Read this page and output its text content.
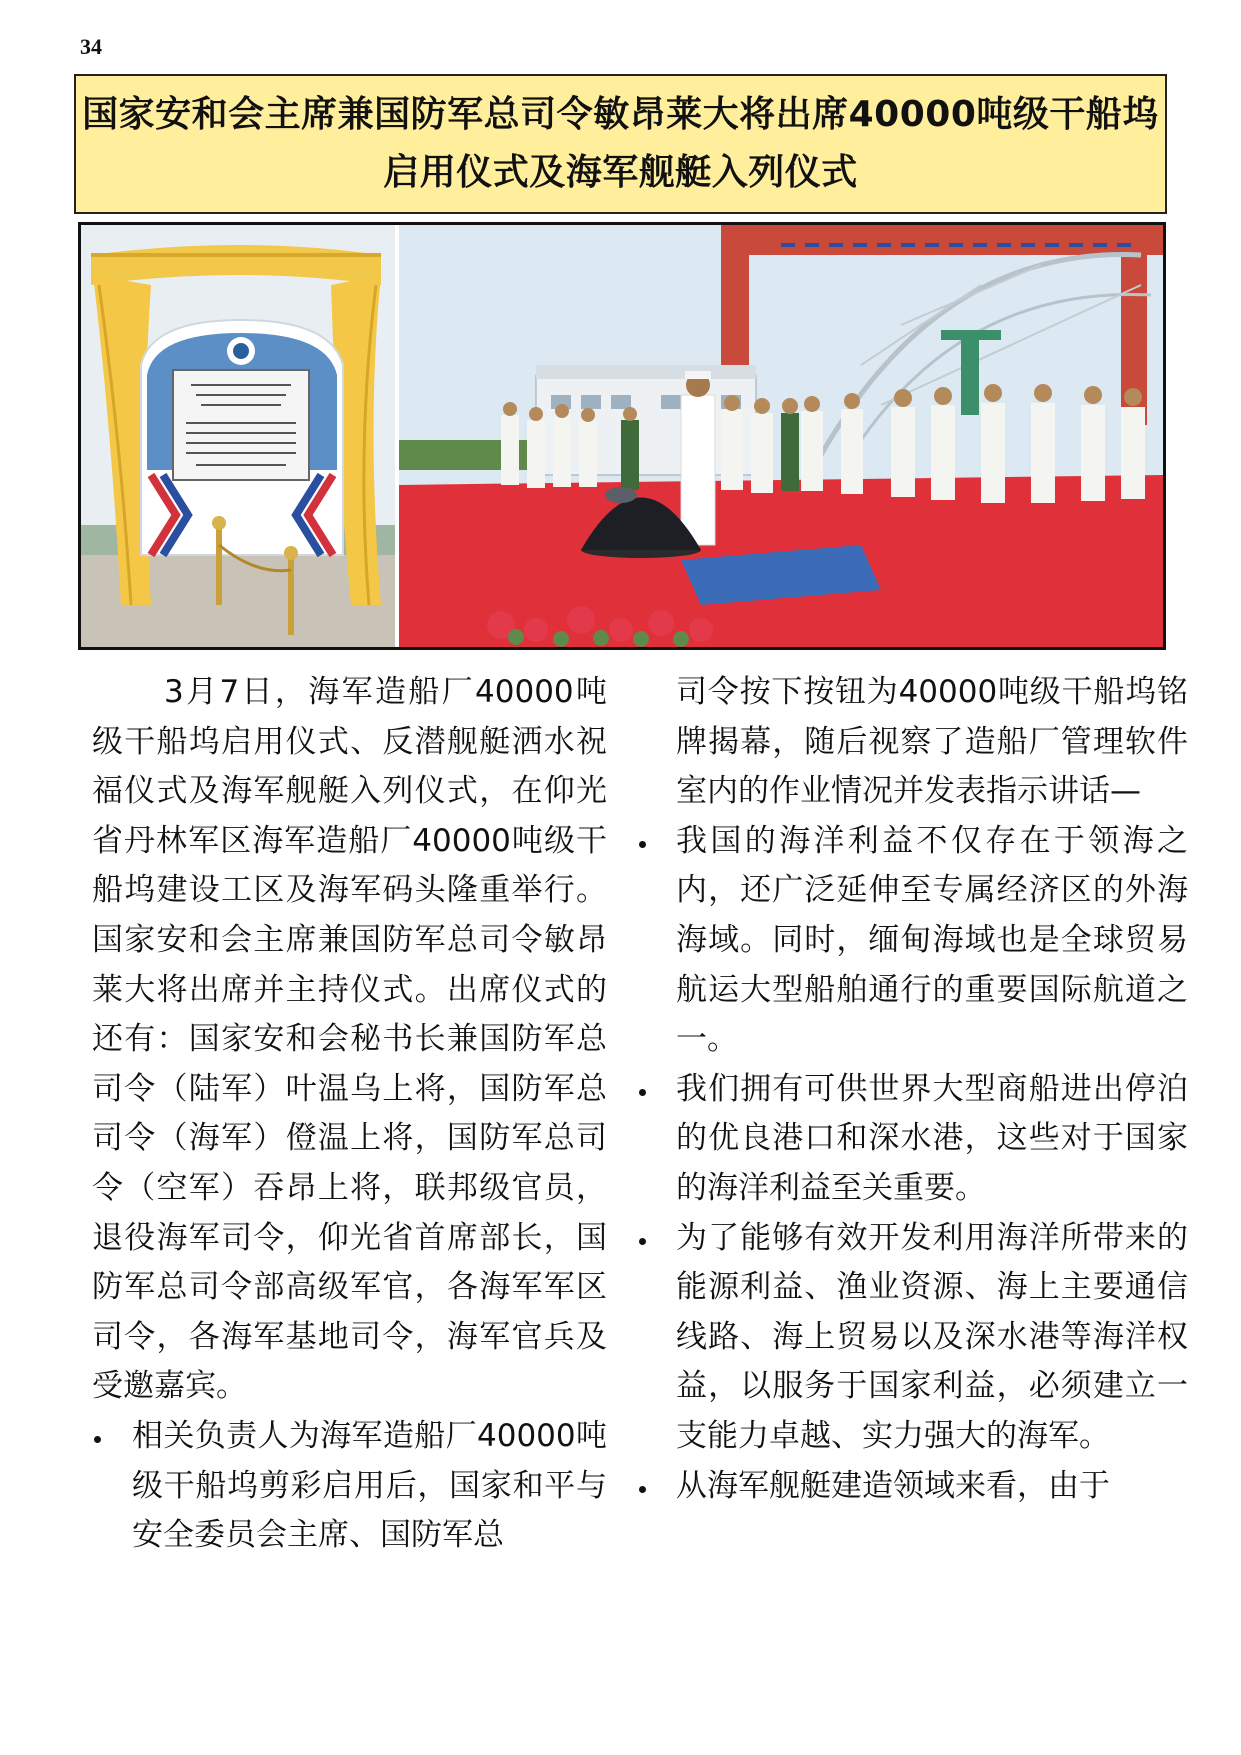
34
国家安和会主席兼国防军总司令敏昂莱大将出席40000吨级干船坞
启用仪式及海军舰艇入列仪式

3月7日，海军造船厂40000吨级干船坞启用仪式、反潜舰艇洒水祝福仪式及海军舰艇入列仪式，在仰光省丹林军区海军造船厂40000吨级干船坞建设工区及海军码头隆重举行。国家安和会主席兼国防军总司令敏昂莱大将出席并主持仪式。出席仪式的还有：国家安和会秘书长兼国防军总司令（陆军）叶温乌上将，国防军总司令（海军）僜温上将，国防军总司令（空军）吞昂上将，联邦级官员，退役海军司令，仰光省首席部长，国防军总司令部高级军官，各海军军区司令，各海军基地司令，海军官兵及受邀嘉宾。

相关负责人为海军造船厂40000吨级干船坞剪彩启用后，国家和平与安全委员会主席、国防军总

司令按下按钮为40000吨级干船坞铭牌揭幕，随后视察了造船厂管理软件室内的作业情况并发表指示讲话—

我国的海洋利益不仅存在于领海之内，还广泛延伸至专属经济区的外海海域。同时，缅甸海域也是全球贸易航运大型船舶通行的重要国际航道之一。

我们拥有可供世界大型商船进出停泊的优良港口和深水港，这些对于国家的海洋利益至关重要。

为了能够有效开发利用海洋所带来的能源利益、渔业资源、海上主要通信线路、海上贸易以及深水港等海洋权益，以服务于国家利益，必须建立一支能力卓越、实力强大的海军。

从海军舰艇建造领域来看，由于
